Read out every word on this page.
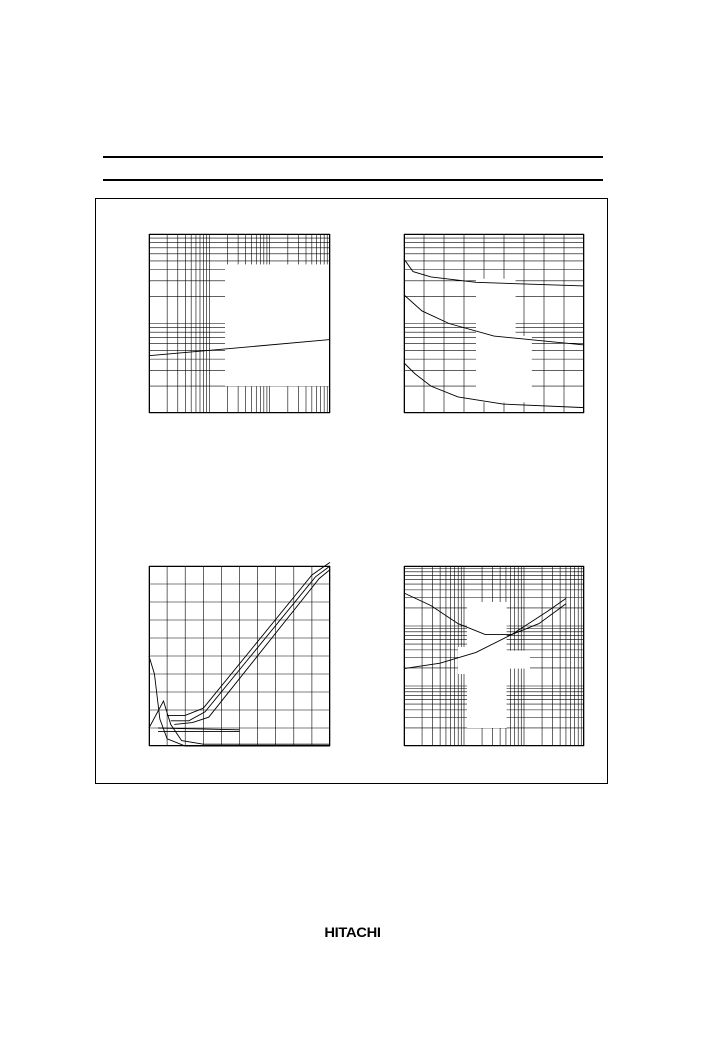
HITACHI
